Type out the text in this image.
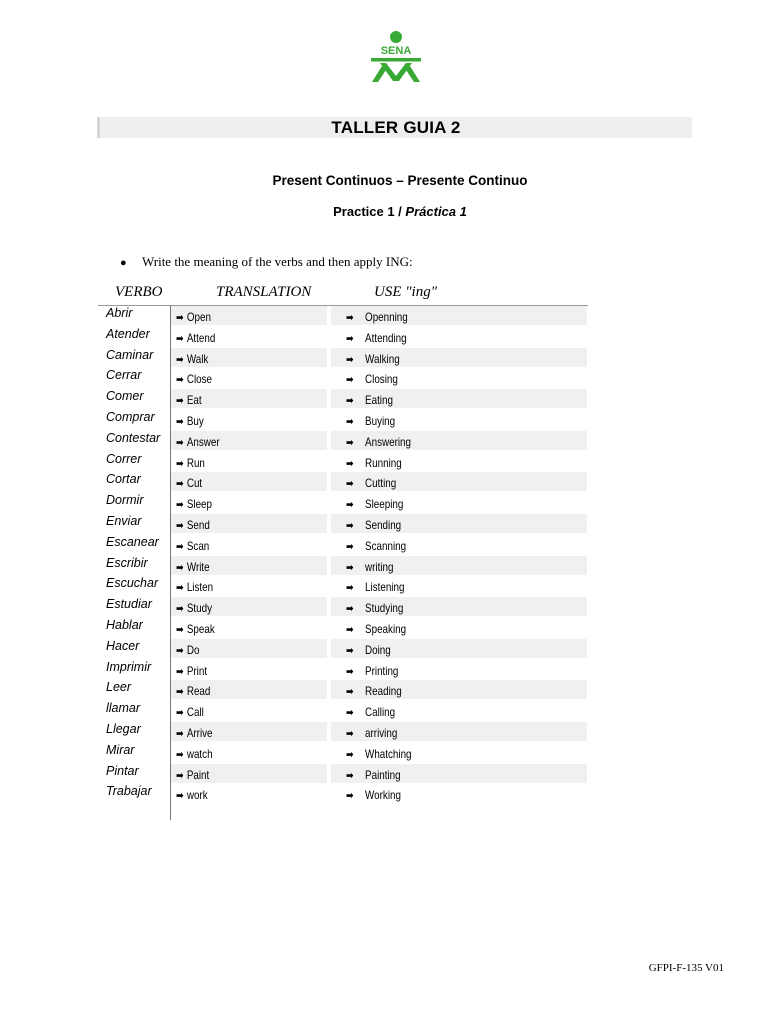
SENA
TALLER GUIA 2
Present Continuos – Presente Continuo
Practice 1 / Práctica 1
● Write the meaning of the verbs and then apply ING:
VERBO	TRANSLATION	USE "ing"
Abrir	➡ Open	➡ Openning
Atender ➡ Attend	➡ Attending
Caminar ➡ Walk	➡ Walking
Cerrar	➡ Close	➡ Closing
Comer	➡ Eat	➡ Eating
Comprar ➡ Buy	➡ Buying
Contestar ➡ Answer	➡ Answering
Correr	➡ Run	➡ Running
Cortar	➡ Cut	➡ Cutting
Dormir	➡ Sleep	➡ Sleeping
Enviar	➡ Send	➡ Sending
Escanear ➡ Scan	➡ Scanning
Escribir	➡ Write	➡ writing
Escuchar ➡ Listen	➡ Listening
Estudiar ➡ Study	➡ Studying
Hablar	➡ Speak	➡ Speaking
Hacer	➡ Do	➡ Doing
Imprimir ➡ Print	➡ Printing
Leer	➡ Read	➡ Reading
llamar	➡ Call	➡ Calling
Llegar	➡ Arrive	➡ arriving
Mirar	➡ watch	➡ Whatching
Pintar	➡ Paint	➡ Painting
Trabajar ➡ work	➡ Working
GFPI-F-135 V01
